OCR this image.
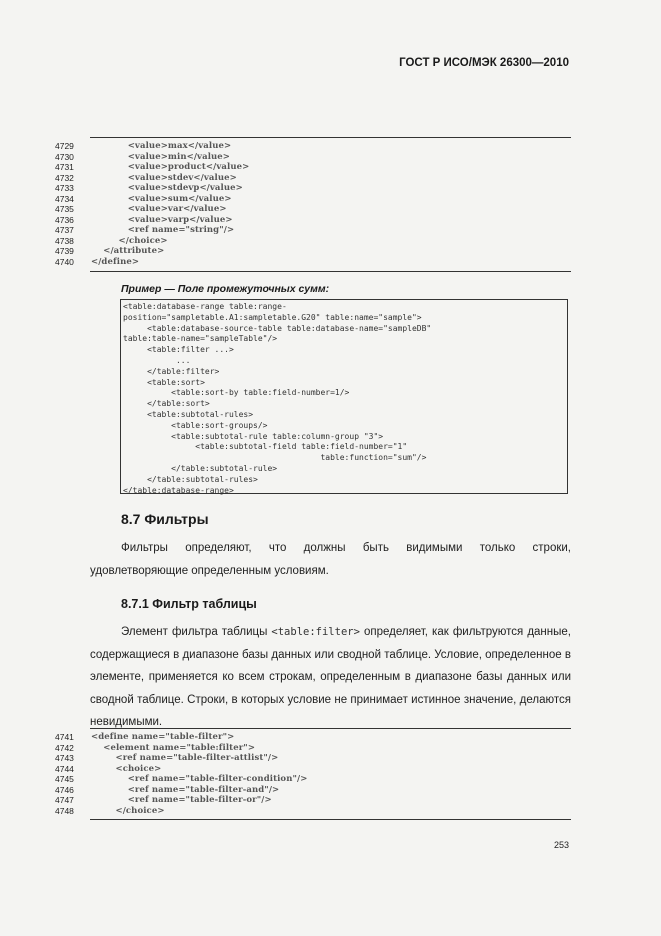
ГОСТ Р ИСО/МЭК 26300—2010
4729	<value>max</value>
4730	<value>min</value>
4731	<value>product</value>
4732	<value>stdev</value>
4733	<value>stdevp</value>
4734	<value>sum</value>
4735	<value>var</value>
4736	<value>varp</value>
4737	<ref name="string"/>
4738	</choice>
4739	</attribute>
4740	</define>
Пример — Поле промежуточных сумм:
<table:database-range table:range-
position="sampletable.A1:sampletable.G20" table:name="sample">
<table:database-source-table table:database-name="sampleDB"
table:table-name="sampleTable"/>
<table:filter ...>
...
</table:filter>
<table:sort>
<table:sort-by table:field-number=1/>
</table:sort>
<table:subtotal-rules>
<table:sort-groups/>
<table:subtotal-rule table:column-group "3">
<table:subtotal-field table:field-number="1"
table:function="sum"/>
</table:subtotal-rule>
</table:subtotal-rules>
</table:database-range>
8.7 Фильтры

Фильтры определяют, что должны быть видимыми только строки, удовлетворяющие определенным условиям.

8.7.1 Фильтр таблицы

Элемент фильтра таблицы <table:filter> определяет, как фильтруются данные, содержащиеся в диапазоне базы данных или сводной таблице. Условие, определенное в элементе, применяется ко всем строкам, определенным в диапазоне базы данных или сводной таблице. Строки, в которых условие не принимает истинное значение, делаются невидимыми.

4741	<define name="table-filter">
4742	<element name="table:filter">
4743	<ref name="table-filter-attlist"/>
4744	<choice>
4745	<ref name="table-filter-condition"/>
4746	<ref name="table-filter-and"/>
4747	<ref name="table-filter-or"/>
4748	</choice>
253
